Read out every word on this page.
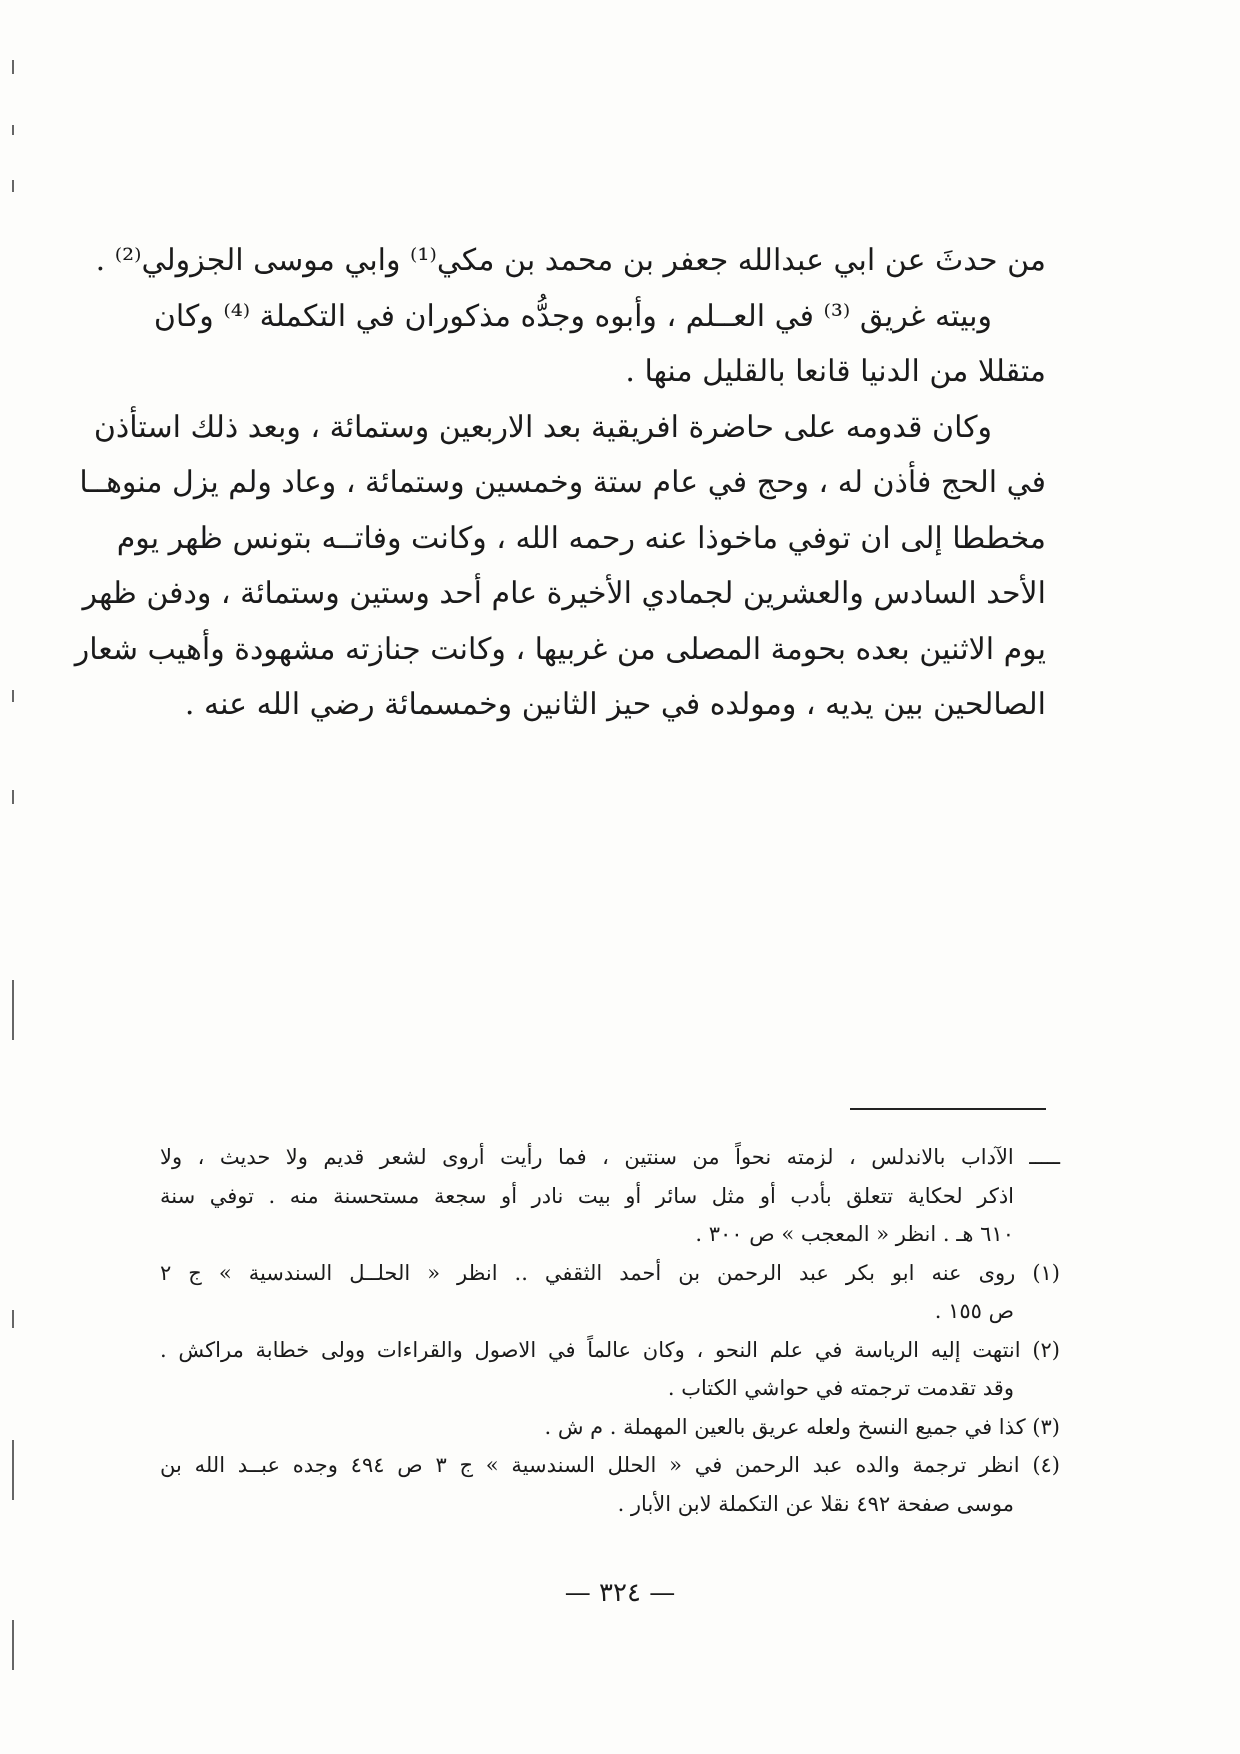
من حدثَ عن ابي عبدالله جعفر بن محمد بن مكي⁽¹⁾ وابي موسى الجزولي⁽²⁾ .
وبيته غريق ⁽³⁾ في العــلم ، وأبوه وجدُّه مذكوران في التكملة ⁽⁴⁾ وكان
متقللا من الدنيا قانعا بالقليل منها .
وكان قدومه على حاضرة افريقية بعد الاربعين وستمائة ، وبعد ذلك استأذن
في الحج فأذن له ، وحج في عام ستة وخمسين وستمائة ، وعاد ولم يزل منوهــا
مخططا إلى ان توفي ماخوذا عنه رحمه الله ، وكانت وفاتــه بتونس ظهر يوم
الأحد السادس والعشرين لجمادي الأخيرة عام أحد وستين وستمائة ، ودفن ظهر
يوم الاثنين بعده بحومة المصلى من غربيها ، وكانت جنازته مشهودة وأهيب شعار
الصالحين بين يديه ، ومولده في حيز الثانين وخمسمائة رضي الله عنه .
ـــــ الآداب بالاندلس ، لزمته نحواً من سنتين ، فما رأيت أروى لشعر قديم ولا حديث ، ولا
اذكر لحكاية تتعلق بأدب أو مثل سائر أو بيت نادر أو سجعة مستحسنة منه . توفي سنة
٦١٠ هـ . انظر « المعجب » ص ٣٠٠ .
(١) روى عنه ابو بكر عبد الرحمن بن أحمد الثقفي .. انظر « الحلــل السندسية » ج ٢
ص ١٥٥ .
(٢) انتهت إليه الرياسة في علم النحو ، وكان عالماً في الاصول والقراءات وولى خطابة مراكش .
وقد تقدمت ترجمته في حواشي الكتاب .
(٣) كذا في جميع النسخ ولعله عريق بالعين المهملة . م ش .
(٤) انظر ترجمة والده عبد الرحمن في « الحلل السندسية » ج ٣ ص ٤٩٤ وجده عبــد الله بن
موسى صفحة ٤٩٢ نقلا عن التكملة لابن الأبار .
— ٣٢٤ —
